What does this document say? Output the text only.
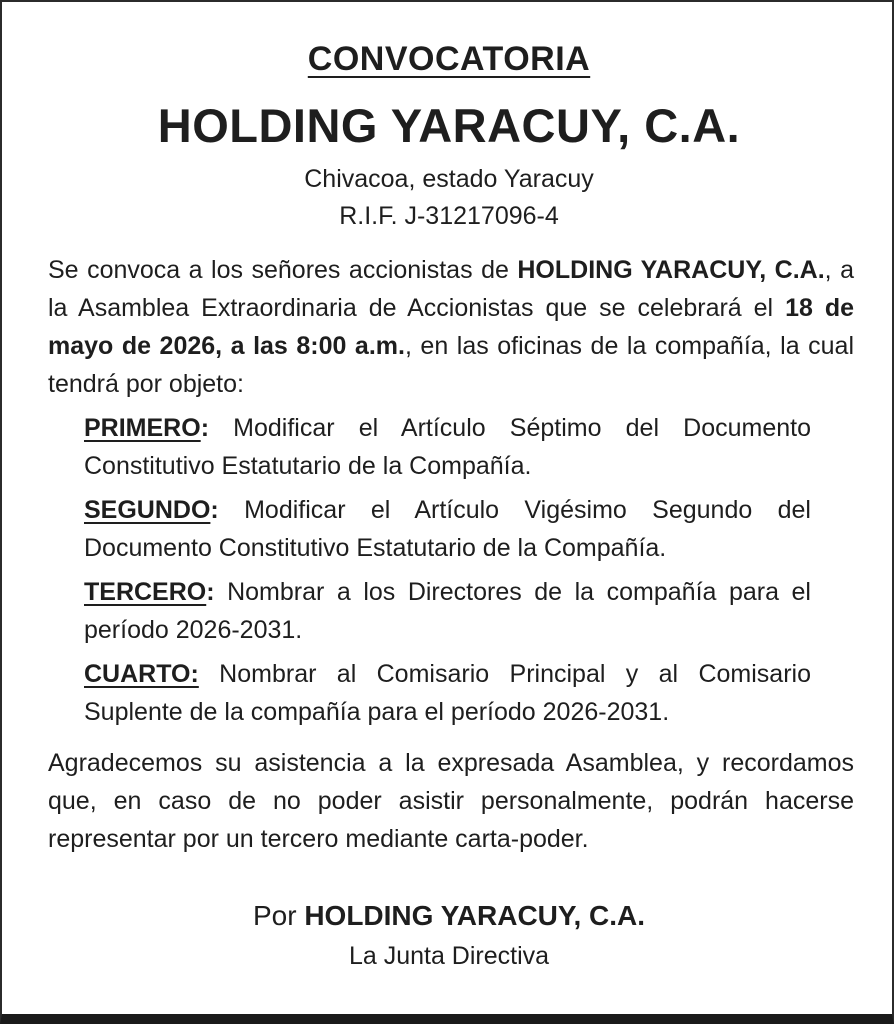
CONVOCATORIA
HOLDING YARACUY, C.A.
Chivacoa, estado Yaracuy
R.I.F. J-31217096-4
Se convoca a los señores accionistas de HOLDING YARACUY, C.A., a la Asamblea Extraordinaria de Accionistas que se celebrará el 18 de mayo de 2026, a las 8:00 a.m., en las oficinas de la compañía, la cual tendrá por objeto:
PRIMERO: Modificar el Artículo Séptimo del Documento Constitutivo Estatutario de la Compañía.
SEGUNDO: Modificar el Artículo Vigésimo Segundo del Documento Constitutivo Estatutario de la Compañía.
TERCERO: Nombrar a los Directores de la compañía para el período 2026-2031.
CUARTO: Nombrar al Comisario Principal y al Comisario Suplente de la compañía para el período 2026-2031.
Agradecemos su asistencia a la expresada Asamblea, y recordamos que, en caso de no poder asistir personalmente, podrán hacerse representar por un tercero mediante carta-poder.
Por HOLDING YARACUY, C.A.
La Junta Directiva
